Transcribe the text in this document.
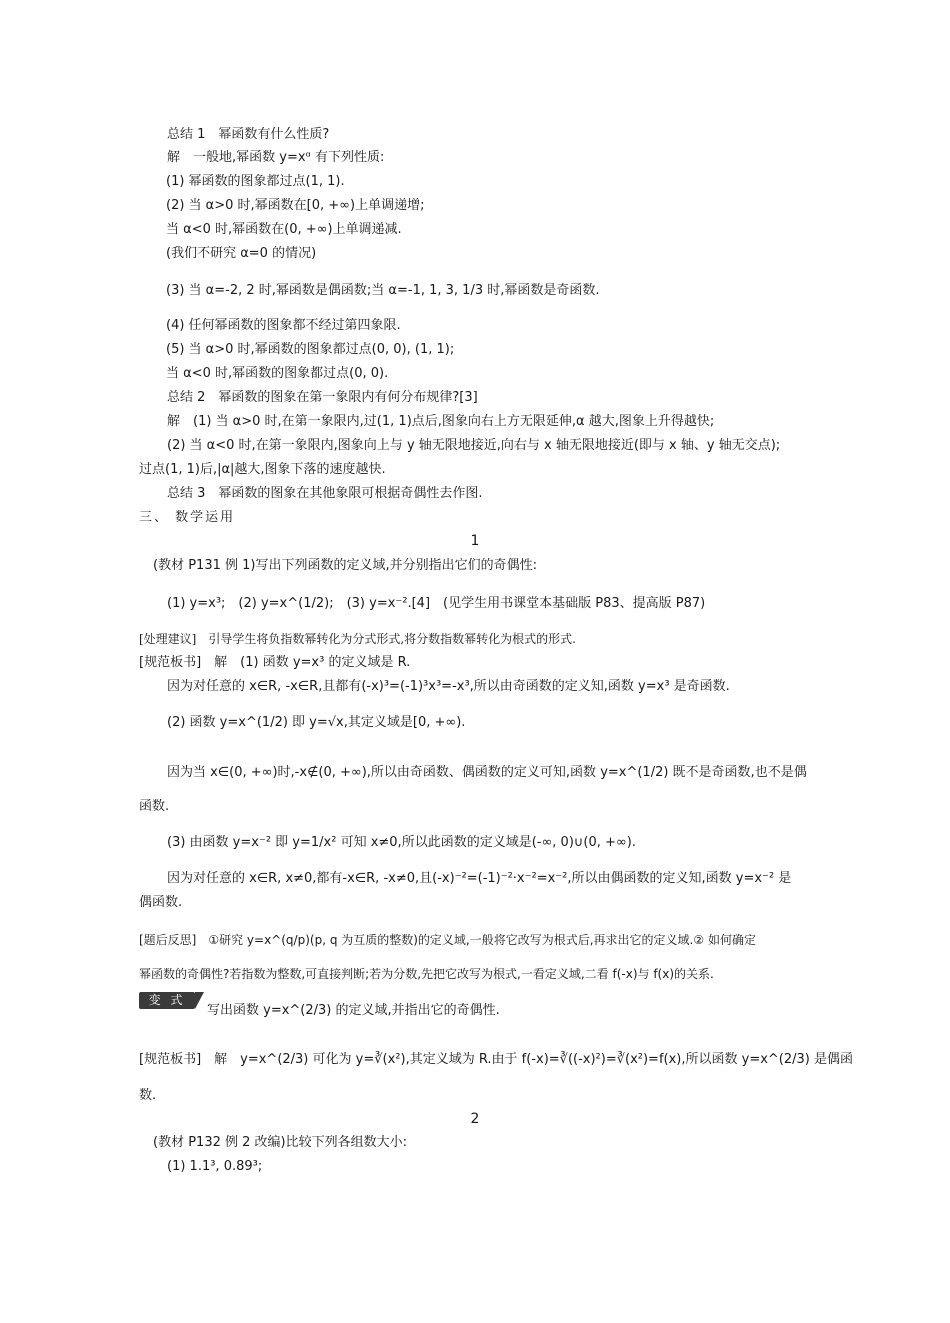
总结 1　幂函数有什么性质?
解　一般地,幂函数 y=xᵅ 有下列性质:
(1) 幂函数的图象都过点(1, 1).
(2) 当 α>0 时,幂函数在[0, +∞)上单调递增;
当 α<0 时,幂函数在(0, +∞)上单调递减.
(我们不研究 α=0 的情况)
(3) 当 α=-2, 2 时,幂函数是偶函数;当 α=-1, 1, 3, 1/3 时,幂函数是奇函数.
(4) 任何幂函数的图象都不经过第四象限.
(5) 当 α>0 时,幂函数的图象都过点(0, 0), (1, 1);
当 α<0 时,幂函数的图象都过点(0, 0).
总结 2　幂函数的图象在第一象限内有何分布规律?[3]
解　(1) 当 α>0 时,在第一象限内,过(1, 1)点后,图象向右上方无限延伸,α 越大,图象上升得越快;
(2) 当 α<0 时,在第一象限内,图象向上与 y 轴无限地接近,向右与 x 轴无限地接近(即与 x 轴、y 轴无交点);
过点(1, 1)后,|α|越大,图象下落的速度越快.
总结 3　幂函数的图象在其他象限可根据奇偶性去作图.
三、 数学运用
1
(教材 P131 例 1)写出下列函数的定义域,并分别指出它们的奇偶性:
(1) y=x³;　(2) y=x^(1/2);　(3) y=x⁻².[4]　(见学生用书课堂本基础版 P83、提高版 P87)
[处理建议]　引导学生将负指数幂转化为分式形式,将分数指数幂转化为根式的形式.
[规范板书]　解　(1) 函数 y=x³ 的定义域是 R.
因为对任意的 x∈R, -x∈R,且都有(-x)³=(-1)³x³=-x³,所以由奇函数的定义知,函数 y=x³ 是奇函数.
(2) 函数 y=x^(1/2) 即 y=√x,其定义域是[0, +∞).
因为当 x∈(0, +∞)时,-x∉(0, +∞),所以由奇函数、偶函数的定义可知,函数 y=x^(1/2) 既不是奇函数,也不是偶
函数.
(3) 由函数 y=x⁻² 即 y=1/x² 可知 x≠0,所以此函数的定义域是(-∞, 0)∪(0, +∞).
因为对任意的 x∈R, x≠0,都有-x∈R, -x≠0,且(-x)⁻²=(-1)⁻²·x⁻²=x⁻²,所以由偶函数的定义知,函数 y=x⁻² 是
偶函数.
[题后反思]　①研究 y=x^(q/p)(p, q 为互质的整数)的定义域,一般将它改写为根式后,再求出它的定义域.② 如何确定
幂函数的奇偶性?若指数为整数,可直接判断;若为分数,先把它改写为根式,一看定义域,二看 f(-x)与 f(x)的关系.
变 式
写出函数 y=x^(2/3) 的定义域,并指出它的奇偶性.
[规范板书]　解　y=x^(2/3) 可化为 y=∛(x²),其定义域为 R.由于 f(-x)=∛((-x)²)=∛(x²)=f(x),所以函数 y=x^(2/3) 是偶函
数.
2
(教材 P132 例 2 改编)比较下列各组数大小:
(1) 1.1³, 0.89³;
